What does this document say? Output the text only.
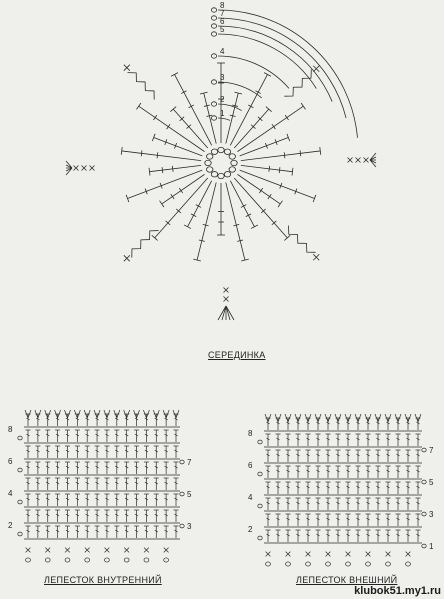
1
2
3
4
5
6
7
8
2
4
6
8
3
5
7
2
4
6
8
1
3
5
7
СЕРЕДИНКА
ЛЕПЕСТОК ВНУТРЕННИЙ	ЛЕПЕСТОК ВНЕШНИЙ
klubok51.my1.ru
